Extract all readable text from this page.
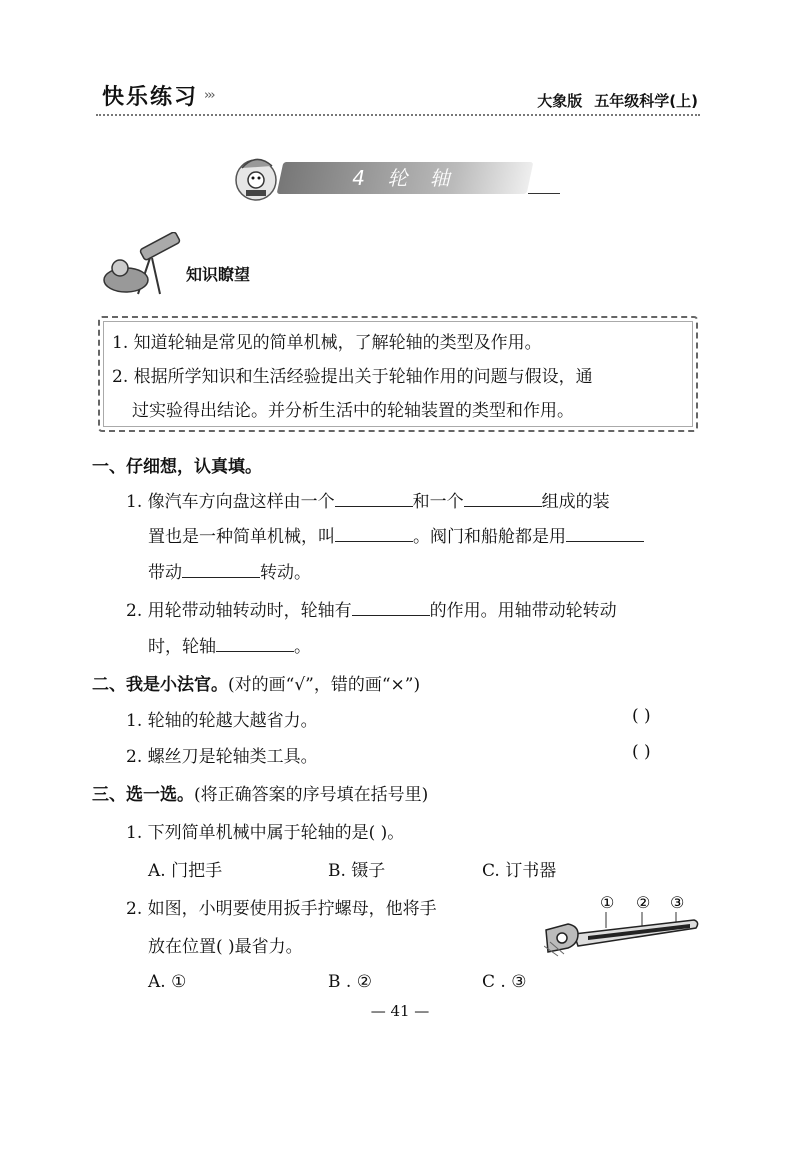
快乐练习 ›››	大象版 五年级科学(上)
4 轮 轴
知识瞭望
1. 知道轮轴是常见的简单机械，了解轮轴的类型及作用。
2. 根据所学知识和生活经验提出关于轮轴作用的问题与假设，通
过实验得出结论。并分析生活中的轮轴装置的类型和作用。
一、仔细想，认真填。
1. 像汽车方向盘这样由一个	和一个	组成的装
置也是一种简单机械，叫	。阀门和船舱都是用
带动	转动。
2. 用轮带动轴转动时，轮轴有	的作用。用轴带动轮转动
时，轮轴	。
二、我是小法官。(对的画“√”，错的画“×”)
1. 轮轴的轮越大越省力。	( )
2. 螺丝刀是轮轴类工具。	( )
三、选一选。(将正确答案的序号填在括号里)
1. 下列简单机械中属于轮轴的是( )。
A. 门把手	B. 镊子	C. 订书器
2. 如图，小明要使用扳手拧螺母，他将手
放在位置( )最省力。
A. ①	B . ②	C . ③
① ② ③
— 41 —
